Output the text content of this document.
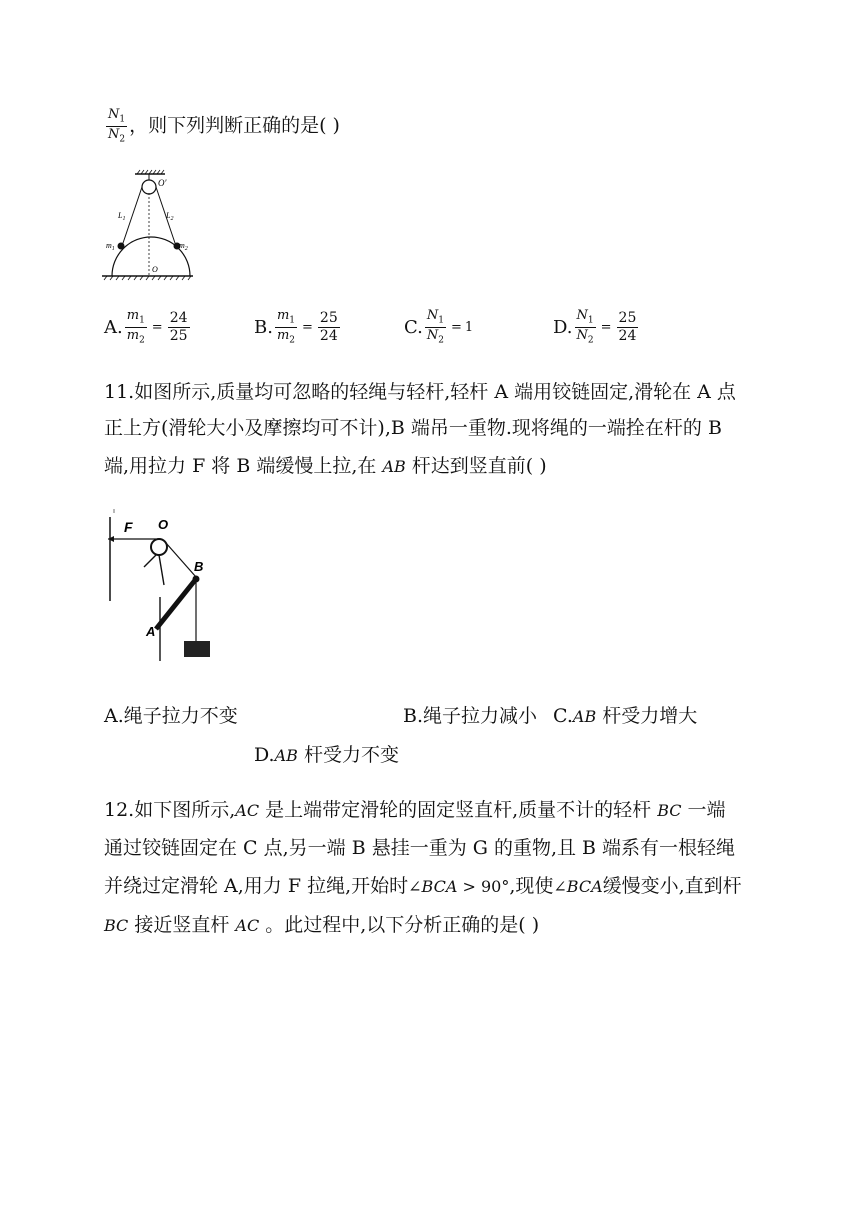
$\frac{N_1}{N_2}$ ，则下列判断正确的是( )
O′
$L_1$	$L_2$
$m_1$	$m_2$
O
A. $\frac{m_1}{m_2} = \frac{24}{25}$	B. $\frac{m_1}{m_2} = \frac{25}{24}$	C. $\frac{N_1}{N_2} = 1$	D. $\frac{N_1}{N_2} = \frac{25}{24}$
11.如图所示,质量均可忽略的轻绳与轻杆,轻杆 A 端用铰链固定,滑轮在 A 点
正上方(滑轮大小及摩擦均可不计),B 端吊一重物.现将绳的一端拴在杆的 B
端,用拉力 F 将 B 端缓慢上拉,在 AB 杆达到竖直前( )
F O
B
A
A.绳子拉力不变	B.绳子拉力减小 C.AB 杆受力增大
D.AB 杆受力不变
12.如下图所示,AC 是上端带定滑轮的固定竖直杆,质量不计的轻杆 BC 一端
通过铰链固定在 C 点,另一端 B 悬挂一重为 G 的重物,且 B 端系有一根轻绳
并绕过定滑轮 A,用力 F 拉绳,开始时∠BCA > 90°,现使∠BCA缓慢变小,直到杆
BC 接近竖直杆 AC 。此过程中,以下分析正确的是( )
